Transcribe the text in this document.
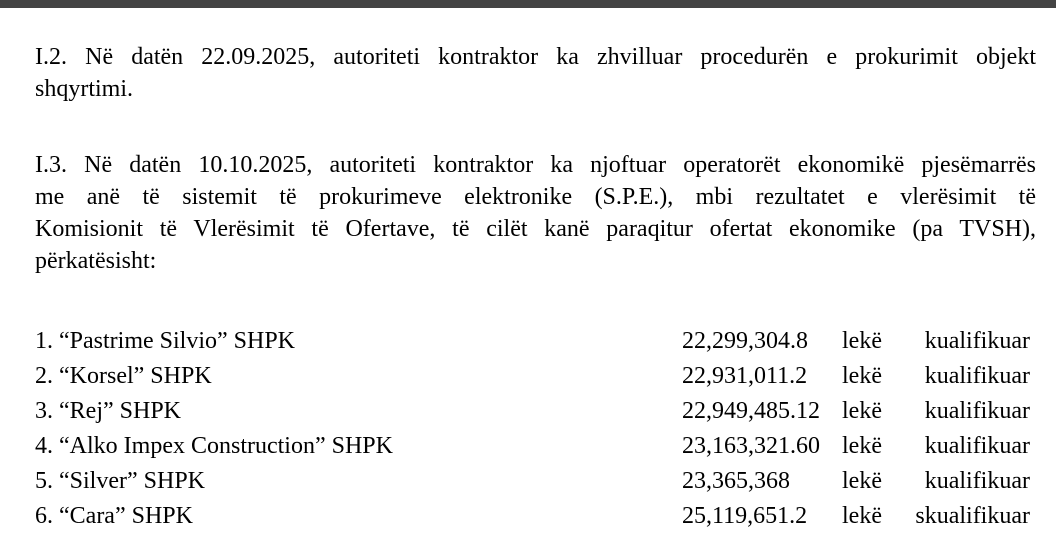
I.2. Në datën 22.09.2025, autoriteti kontraktor ka zhvilluar procedurën e prokurimit objekt
shqyrtimi.
I.3. Në datën 10.10.2025, autoriteti kontraktor ka njoftuar operatorët ekonomikë pjesëmarrës
me anë të sistemit të prokurimeve elektronike (S.P.E.), mbi rezultatet e vlerësimit të
Komisionit të Vlerësimit të Ofertave, të cilët kanë paraqitur ofertat ekonomike (pa TVSH),
përkatësisht:
1. “Pastrime Silvio” SHPK	22,299,304.8 lekë kualifikuar
2. “Korsel” SHPK	22,931,011.2 lekë kualifikuar
3. “Rej” SHPK	22,949,485.12 lekë kualifikuar
4. “Alko Impex Construction” SHPK	23,163,321.60 lekë kualifikuar
5. “Silver” SHPK	23,365,368 lekë kualifikuar
6. “Cara” SHPK	25,119,651.2 lekë skualifikuar
